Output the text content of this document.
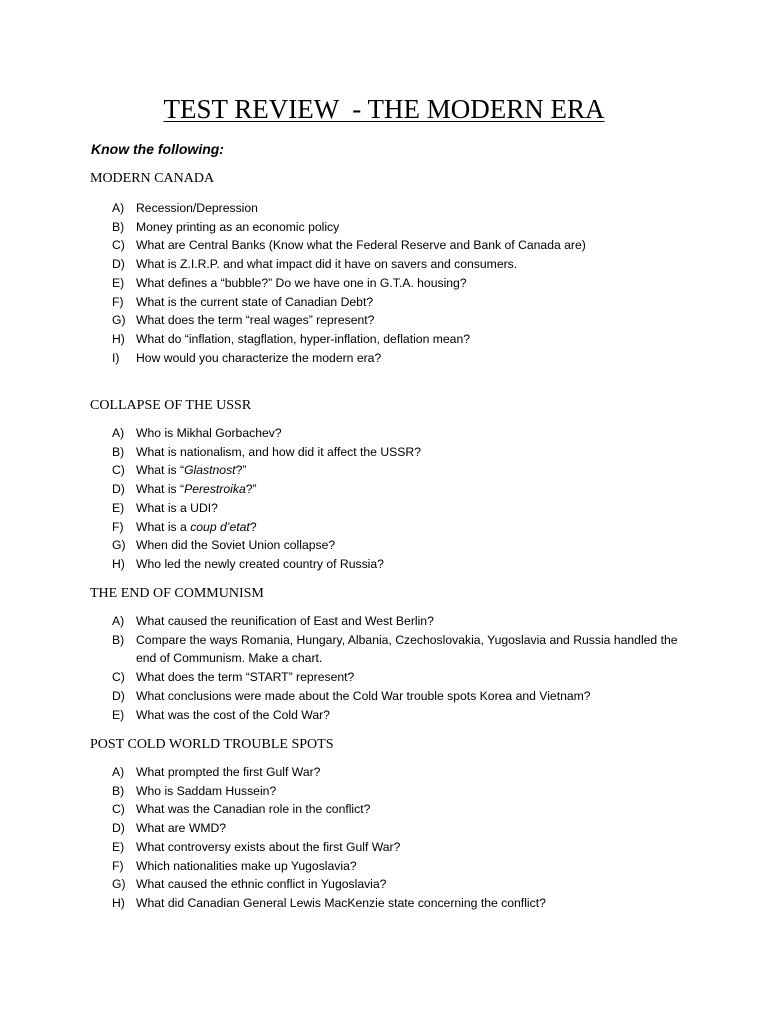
TEST REVIEW  - THE MODERN ERA
Know the following:
MODERN CANADA
A) Recession/Depression
B) Money printing as an economic policy
C) What are Central Banks (Know what the Federal Reserve and Bank of Canada are)
D) What is Z.I.R.P. and what impact did it have on savers and consumers.
E) What defines a “bubble?” Do we have one in G.T.A. housing?
F)	What is the current state of Canadian Debt?
G) What does the term “real wages” represent?
H) What do “inflation, stagflation, hyper-inflation, deflation mean?
I)	How would you characterize the modern era?
COLLAPSE OF THE USSR
A) Who is Mikhal Gorbachev?
B) What is nationalism, and how did it affect the USSR?
C) What is “Glastnost?”
D) What is “Perestroika?”
E) What is a UDI?
F)	What is a coup d’etat?
G) When did the Soviet Union collapse?
H) Who led the newly created country of Russia?
THE END OF COMMUNISM
A) What caused the reunification of East and West Berlin?
B) Compare the ways Romania, Hungary, Albania, Czechoslovakia, Yugoslavia and Russia handled the end of Communism. Make a chart.
C) What does the term “START” represent?
D) What conclusions were made about the Cold War trouble spots Korea and Vietnam?
E) What was the cost of the Cold War?
POST COLD WORLD TROUBLE SPOTS
A) What prompted the first Gulf War?
B) Who is Saddam Hussein?
C) What was the Canadian role in the conflict?
D) What are WMD?
E) What controversy exists about the first Gulf War?
F)	Which nationalities make up Yugoslavia?
G) What caused the ethnic conflict in Yugoslavia?
H) What did Canadian General Lewis MacKenzie state concerning the conflict?
